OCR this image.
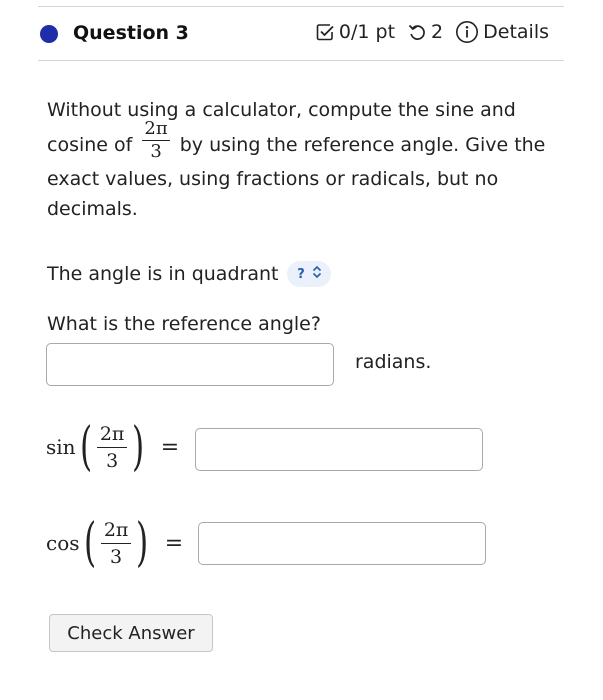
Question 3	0/1 pt 2 Details
Without using a calculator, compute the sine and
cosine of $\frac{2\pi}{3}$ by using the reference angle. Give the
exact values, using fractions or radicals, but no
decimals.
The angle is in quadrant ?
What is the reference angle?
radians.
sin ( $\frac{2\pi}{3}$ ) =
cos ( $\frac{2\pi}{3}$ ) =
Check Answer
